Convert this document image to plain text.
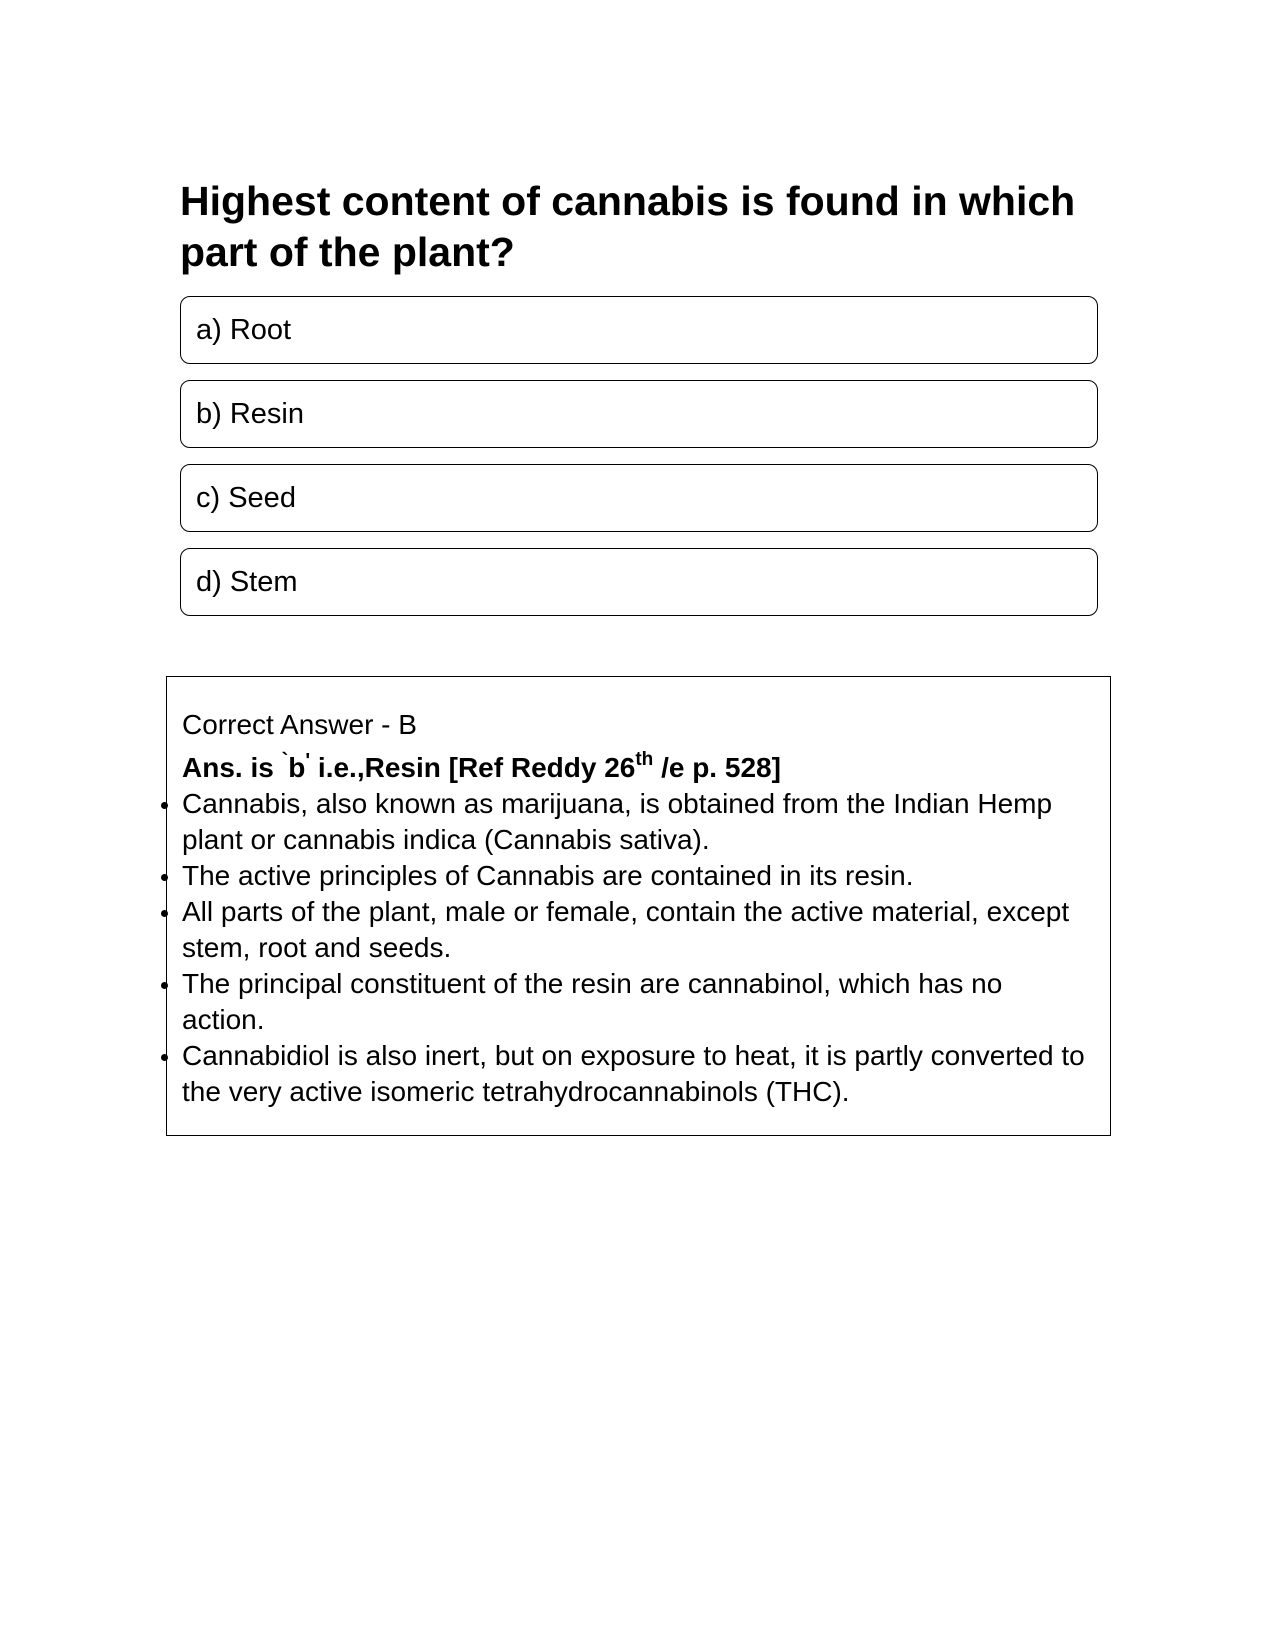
Highest content of cannabis is found in which part of the plant?
a) Root
b) Resin
c) Seed
d) Stem

Correct Answer - B

Ans. is `b' i.e.,Resin [Ref Reddy 26th /e p. 528]

• Cannabis, also known as marijuana, is obtained from the Indian Hemp plant or cannabis indica (Cannabis sativa).
• The active principles of Cannabis are contained in its resin.
• All parts of the plant, male or female, contain the active material, except stem, root and seeds.
• The principal constituent of the resin are cannabinol, which has no action.
• Cannabidiol is also inert, but on exposure to heat, it is partly converted to the very active isomeric tetrahydrocannabinols (THC).
